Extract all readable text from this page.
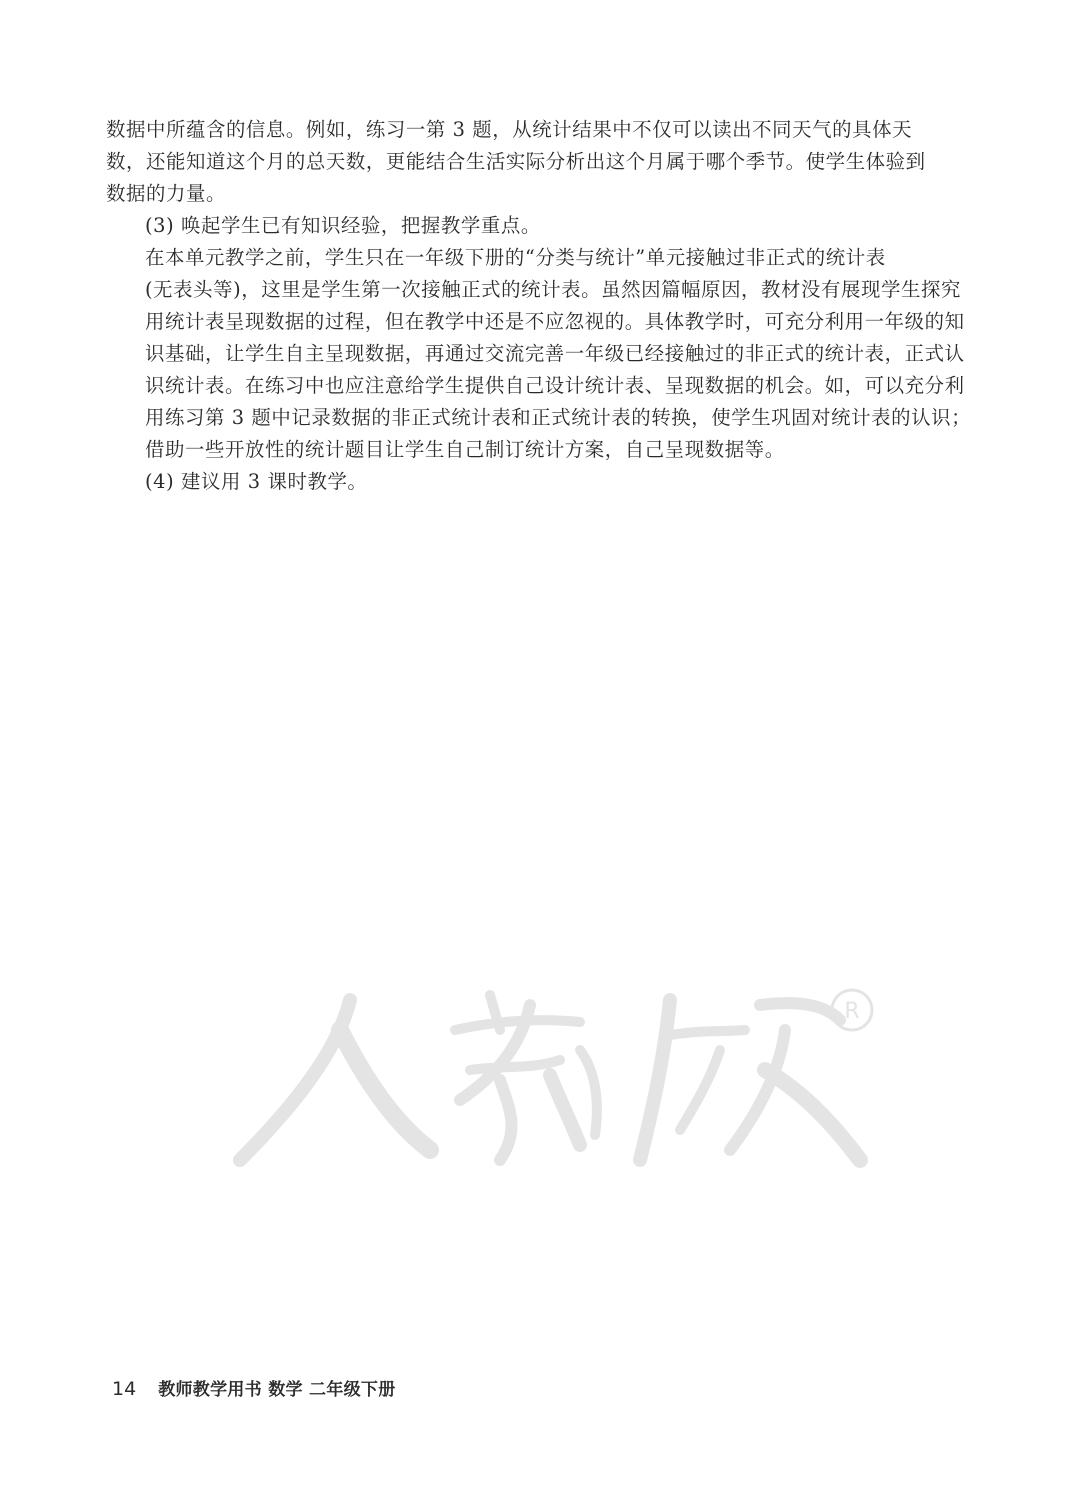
数据中所蕴含的信息。例如，练习一第 3 题，从统计结果中不仅可以读出不同天气的具体天
数，还能知道这个月的总天数，更能结合生活实际分析出这个月属于哪个季节。使学生体验到
数据的力量。

(3) 唤起学生已有知识经验，把握教学重点。

在本单元教学之前，学生只在一年级下册的“分类与统计”单元接触过非正式的统计表
(无表头等)，这里是学生第一次接触正式的统计表。虽然因篇幅原因，教材没有展现学生探究
用统计表呈现数据的过程，但在教学中还是不应忽视的。具体教学时，可充分利用一年级的知
识基础，让学生自主呈现数据，再通过交流完善一年级已经接触过的非正式的统计表，正式认
识统计表。在练习中也应注意给学生提供自己设计统计表、呈现数据的机会。如，可以充分利
用练习第 3 题中记录数据的非正式统计表和正式统计表的转换，使学生巩固对统计表的认识；
借助一些开放性的统计题目让学生自己制订统计方案，自己呈现数据等。

(4) 建议用 3 课时教学。

R
14 教师教学用书 数学 二年级下册
